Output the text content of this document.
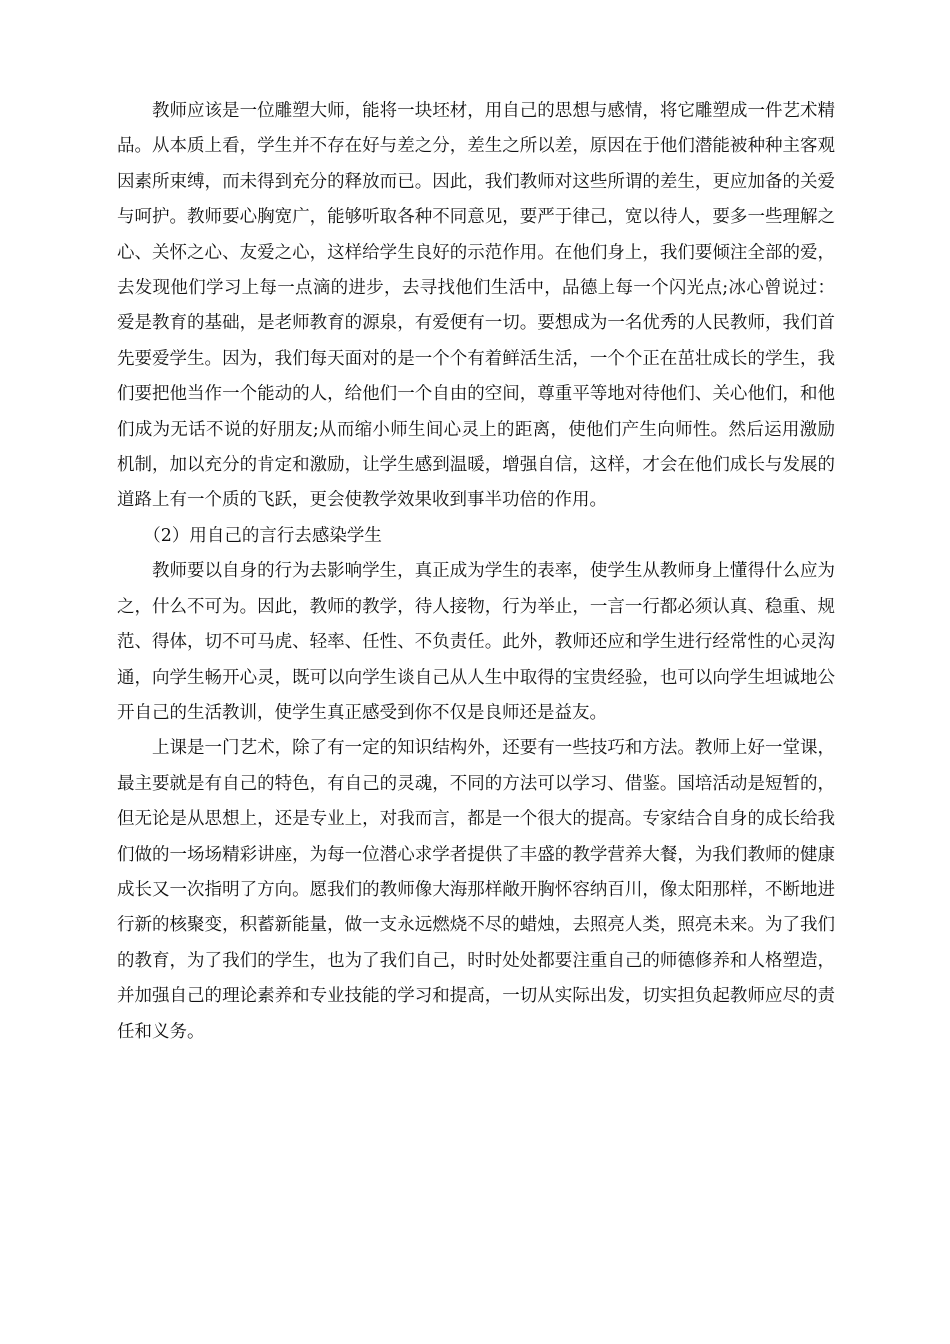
教师应该是一位雕塑大师，能将一块坯材，用自己的思想与感情，将它雕塑成一件艺术精品。从本质上看，学生并不存在好与差之分，差生之所以差，原因在于他们潜能被种种主客观因素所束缚，而未得到充分的释放而已。因此，我们教师对这些所谓的差生，更应加备的关爱与呵护。教师要心胸宽广，能够听取各种不同意见，要严于律己，宽以待人，要多一些理解之心、关怀之心、友爱之心，这样给学生良好的示范作用。在他们身上，我们要倾注全部的爱，去发现他们学习上每一点滴的进步，去寻找他们生活中，品德上每一个闪光点;冰心曾说过：爱是教育的基础，是老师教育的源泉，有爱便有一切。要想成为一名优秀的人民教师，我们首先要爱学生。因为，我们每天面对的是一个个有着鲜活生活，一个个正在茁壮成长的学生，我们要把他当作一个能动的人，给他们一个自由的空间，尊重平等地对待他们、关心他们，和他们成为无话不说的好朋友;从而缩小师生间心灵上的距离，使他们产生向师性。然后运用激励机制，加以充分的肯定和激励，让学生感到温暖，增强自信，这样，才会在他们成长与发展的道路上有一个质的飞跃，更会使教学效果收到事半功倍的作用。

（2）用自己的言行去感染学生

教师要以自身的行为去影响学生，真正成为学生的表率，使学生从教师身上懂得什么应为之，什么不可为。因此，教师的教学，待人接物，行为举止，一言一行都必须认真、稳重、规范、得体，切不可马虎、轻率、任性、不负责任。此外，教师还应和学生进行经常性的心灵沟通，向学生畅开心灵，既可以向学生谈自己从人生中取得的宝贵经验，也可以向学生坦诚地公开自己的生活教训，使学生真正感受到你不仅是良师还是益友。

上课是一门艺术，除了有一定的知识结构外，还要有一些技巧和方法。教师上好一堂课，最主要就是有自己的特色，有自己的灵魂，不同的方法可以学习、借鉴。国培活动是短暂的，但无论是从思想上，还是专业上，对我而言，都是一个很大的提高。专家结合自身的成长给我们做的一场场精彩讲座，为每一位潜心求学者提供了丰盛的教学营养大餐，为我们教师的健康成长又一次指明了方向。愿我们的教师像大海那样敞开胸怀容纳百川，像太阳那样，不断地进行新的核聚变，积蓄新能量，做一支永远燃烧不尽的蜡烛，去照亮人类，照亮未来。为了我们的教育，为了我们的学生，也为了我们自己，时时处处都要注重自己的师德修养和人格塑造，并加强自己的理论素养和专业技能的学习和提高，一切从实际出发，切实担负起教师应尽的责任和义务。
